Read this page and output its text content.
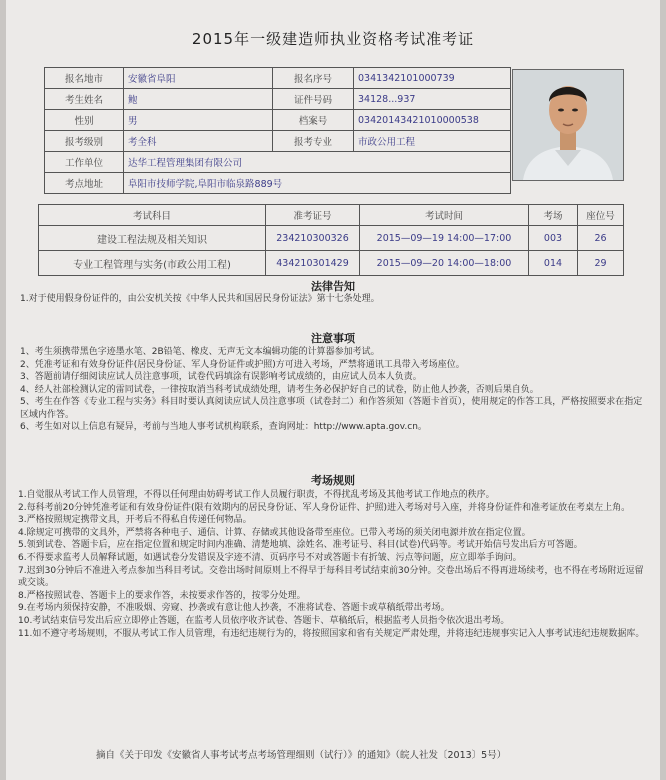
2015年一级建造师执业资格考试准考证
报名地市	安徽省阜阳	报名序号	0341342101000739
考生姓名	鲍	证件号码	34128...937
性别	男	档案号	03420143421010000538
报考级别	考全科	报考专业	市政公用工程
工作单位	达华工程管理集团有限公司		
考点地址	阜阳市技师学院,阜阳市临泉路889号		
考试科目	准考证号	考试时间	考场	座位号
建设工程法规及相关知识	234210300326	2015—09—19 14:00—17:00	003	26
专业工程管理与实务(市政公用工程)	434210301429	2015—09—20 14:00—18:00	014	29
法律告知
1.对于使用假身份证件的，由公安机关按《中华人民共和国居民身份证法》第十七条处理。
注意事项

1、考生须携带黑色字迹墨水笔、2B铅笔、橡皮、无声无文本编辑功能的计算器参加考试。

2、凭准考证和有效身份证件(居民身份证、军人身份证件或护照)方可进入考场，严禁将通讯工具带入考场座位。

3、答题前请仔细阅读应试人员注意事项，试卷代码填涂有误影响考试成绩的，由应试人员本人负责。

4、经人社部检测认定的雷同试卷，一律按取消当科考试成绩处理，请考生务必保护好自己的试卷，防止他人抄袭，否则后果自负。

5、考生在作答《专业工程与实务》科目时要认真阅读应试人员注意事项（试卷封二）和作答须知（答题卡首页），使用规定的作答工具，严格按照要求在指定区域内作答。

6、考生如对以上信息有疑异，考前与当地人事考试机构联系，查询网址：http://www.apta.gov.cn。

考场规则

1.自觉服从考试工作人员管理，不得以任何理由妨碍考试工作人员履行职责，不得扰乱考场及其他考试工作地点的秩序。

2.每科考前20分钟凭准考证和有效身份证件(限有效期内的居民身份证、军人身份证件、护照)进入考场对号入座，并将身份证件和准考证放在考桌左上角。

3.严格按照规定携带文具，开考后不得私自传递任何物品。

4.除规定可携带的文具外，严禁将各种电子、通信、计算、存储或其他设备带至座位。已带入考场的须关闭电源并放在指定位置。

5.领到试卷、答题卡后，应在指定位置和规定时间内准确、清楚地填、涂姓名、准考证号、科目(试卷)代码等。考试开始信号发出后方可答题。

6.不得要求监考人员解释试题，如遇试卷分发错误及字迹不清、页码序号不对或答题卡有折皱、污点等问题，应立即举手询问。

7.迟到30分钟后不准进入考点参加当科目考试。交卷出场时间原则上不得早于每科目考试结束前30分钟。交卷出场后不得再进场续考，也不得在考场附近逗留或交谈。

8.严格按照试卷、答题卡上的要求作答，未按要求作答的，按零分处理。

9.在考场内须保持安静，不准吸烟、旁窥、抄袭或有意让他人抄袭，不准将试卷、答题卡或草稿纸带出考场。

10.考试结束信号发出后应立即停止答题，在监考人员依序收齐试卷、答题卡、草稿纸后，根据监考人员指令依次退出考场。

11.如不遵守考场规则，不服从考试工作人员管理，有违纪违规行为的，将按照国家和省有关规定严肃处理，并将违纪违规事实记入人事考试违纪违规数据库。

摘自《关于印发《安徽省人事考试考点考场管理细则（试行）》的通知》（皖人社发〔2013〕5号）
